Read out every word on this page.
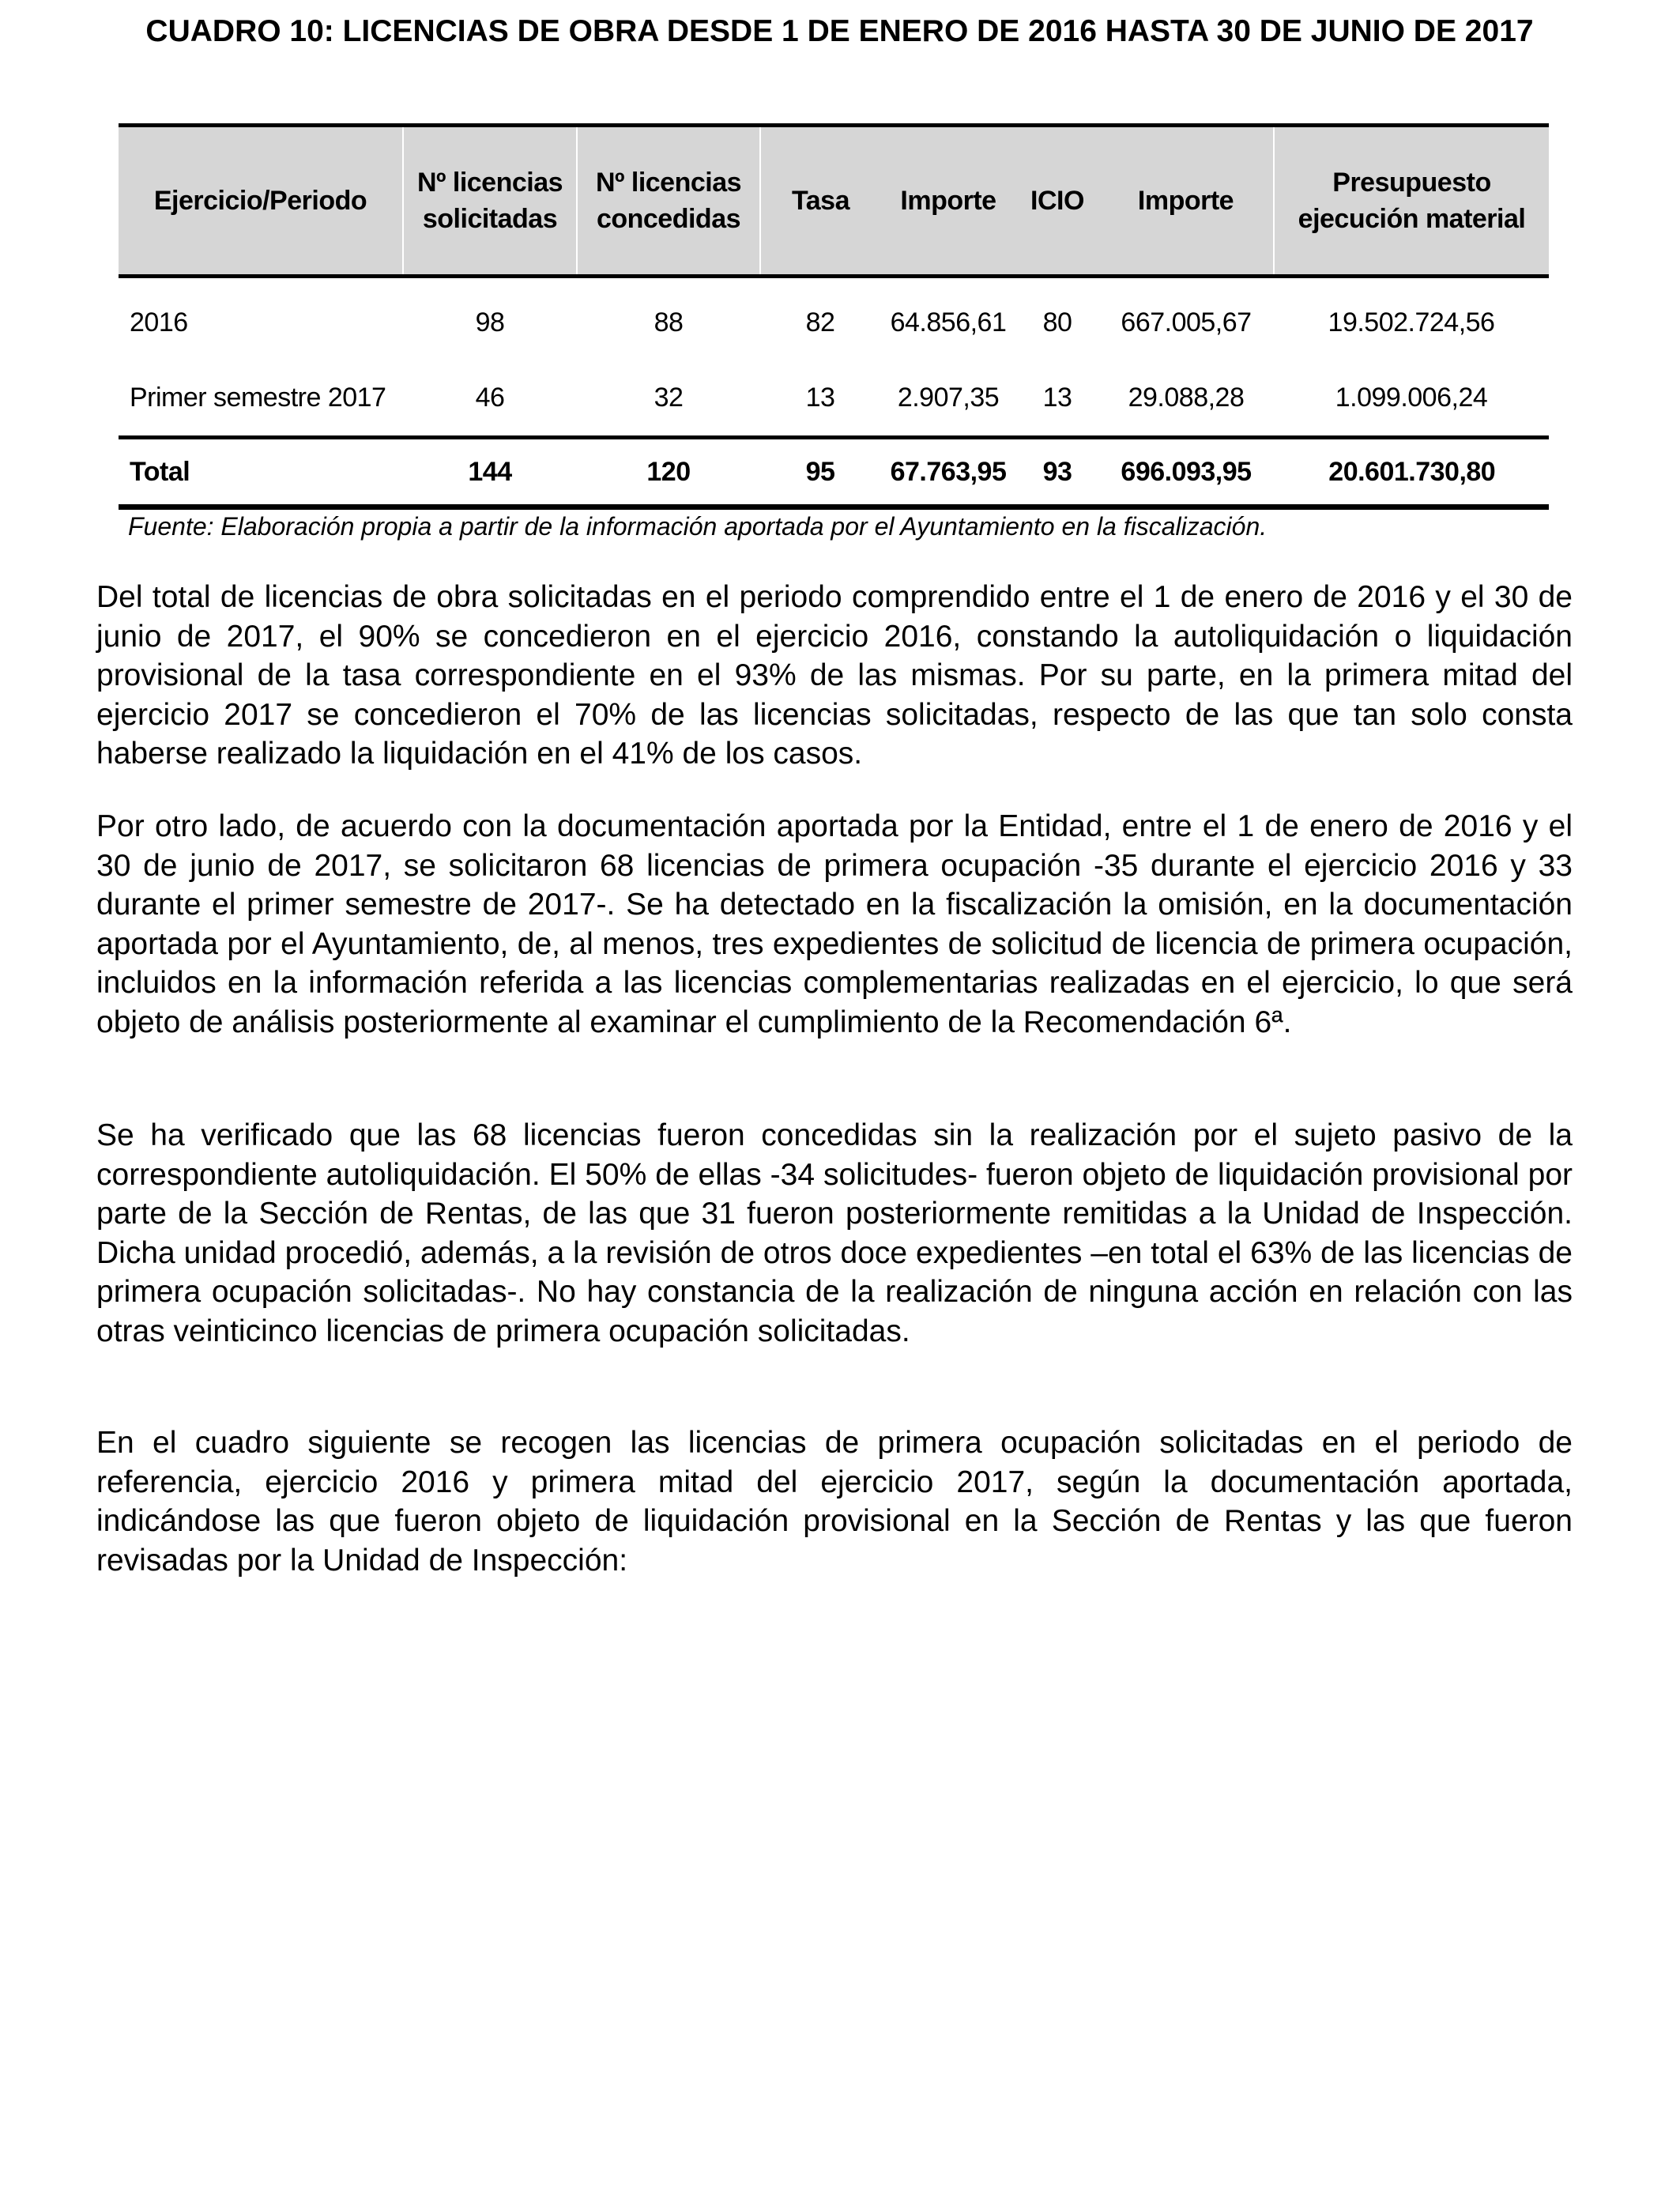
CUADRO 10: LICENCIAS DE OBRA DESDE 1 DE ENERO DE 2016 HASTA 30 DE JUNIO DE 2017
Ejercicio/Periodo	Nº licencias solicitadas	Nº licencias concedidas	Tasa	Importe	ICIO	Importe	Presupuesto ejecución material
2016	98	88	82	64.856,61	80	667.005,67	19.502.724,56
Primer semestre 2017	46	32	13	2.907,35	13	29.088,28	1.099.006,24
Total	144	120	95	67.763,95	93	696.093,95	20.601.730,80

Fuente: Elaboración propia a partir de la información aportada por el Ayuntamiento en la fiscalización.

Del total de licencias de obra solicitadas en el periodo comprendido entre el 1 de enero de 2016 y el 30 de junio de 2017, el 90% se concedieron en el ejercicio 2016, constando la autoliquidación o liquidación provisional de la tasa correspondiente en el 93% de las mismas. Por su parte, en la primera mitad del ejercicio 2017 se concedieron el 70% de las licencias solicitadas, respecto de las que tan solo consta haberse realizado la liquidación en el 41% de los casos.

Por otro lado, de acuerdo con la documentación aportada por la Entidad, entre el 1 de enero de 2016 y el 30 de junio de 2017, se solicitaron 68 licencias de primera ocupación -35 durante el ejercicio 2016 y 33 durante el primer semestre de 2017-. Se ha detectado en la fiscalización la omisión, en la documentación aportada por el Ayuntamiento, de, al menos, tres expedientes de solicitud de licencia de primera ocupación, incluidos en la información referida a las licencias complementarias realizadas en el ejercicio, lo que será objeto de análisis posteriormente al examinar el cumplimiento de la Recomendación 6ª.

Se ha verificado que las 68 licencias fueron concedidas sin la realización por el sujeto pasivo de la correspondiente autoliquidación. El 50% de ellas -34 solicitudes- fueron objeto de liquidación provisional por parte de la Sección de Rentas, de las que 31 fueron posteriormente remitidas a la Unidad de Inspección. Dicha unidad procedió, además, a la revisión de otros doce expedientes –en total el 63% de las licencias de primera ocupación solicitadas-. No hay constancia de la realización de ninguna acción en relación con las otras veinticinco licencias de primera ocupación solicitadas.

En el cuadro siguiente se recogen las licencias de primera ocupación solicitadas en el periodo de referencia, ejercicio 2016 y primera mitad del ejercicio 2017, según la documentación aportada, indicándose las que fueron objeto de liquidación provisional en la Sección de Rentas y las que fueron revisadas por la Unidad de Inspección:
